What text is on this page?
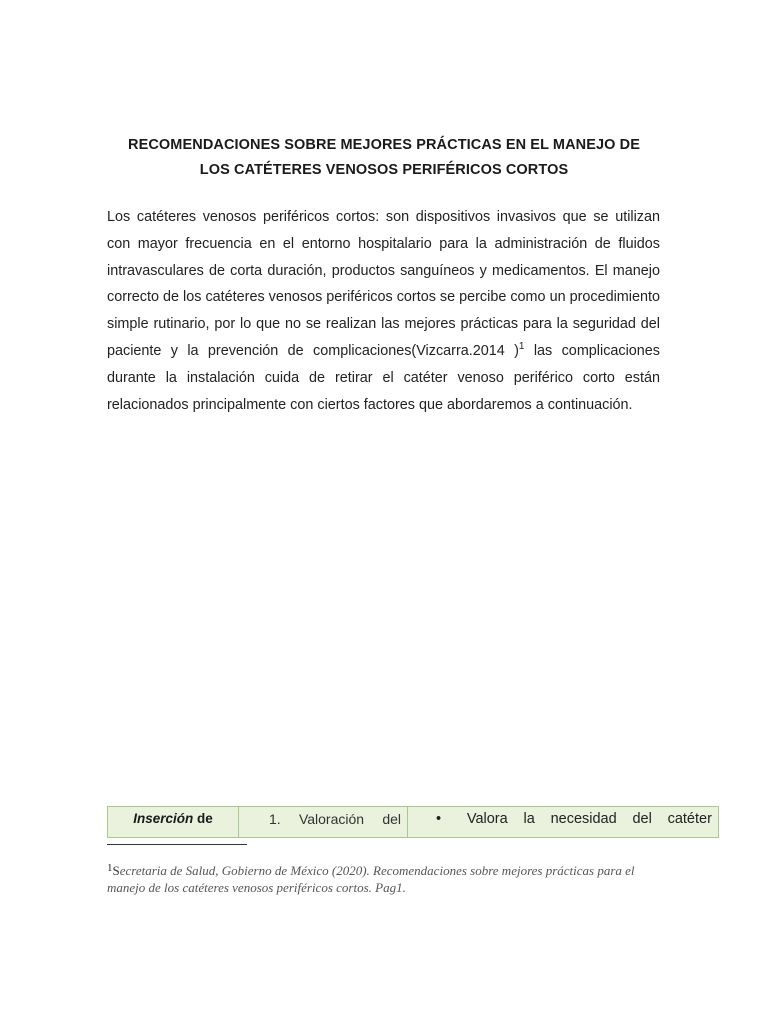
RECOMENDACIONES SOBRE MEJORES PRÁCTICAS EN EL MANEJO DE
LOS CATÉTERES VENOSOS PERIFÉRICOS CORTOS
Los catéteres venosos periféricos cortos: son dispositivos invasivos que se utilizan con mayor frecuencia en el entorno hospitalario para la administración de fluidos intravasculares de corta duración, productos sanguíneos y medicamentos. El manejo correcto de los catéteres venosos periféricos cortos se percibe como un procedimiento simple rutinario, por lo que no se realizan las mejores prácticas para la seguridad del paciente y la prevención de complicaciones(Vizcarra.2014 )$^1$ las complicaciones durante la instalación cuida de retirar el catéter venoso periférico corto están relacionados principalmente con ciertos factores que abordaremos a continuación.
Inserción de	1. Valoración del • Valora la necesidad del catéter
$^1$Secretaria de Salud, Gobierno de México (2020). Recomendaciones sobre mejores prácticas para el manejo de los catéteres venosos periféricos cortos. Pag1.
